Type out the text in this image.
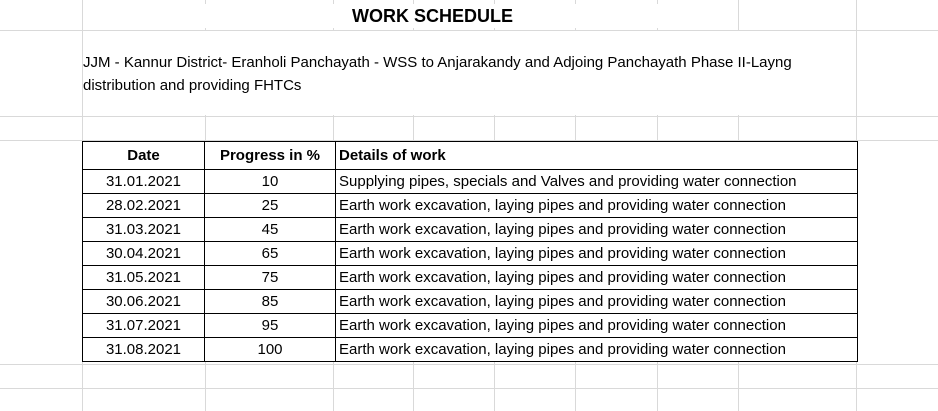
WORK SCHEDULE
JJM - Kannur District- Eranholi Panchayath - WSS to Anjarakandy and Adjoing Panchayath Phase II-Layng distribution and providing FHTCs
Date	Progress in %	Details of work
31.01.2021	10	Supplying pipes, specials and Valves and providing water connection
28.02.2021	25	Earth work excavation, laying pipes and providing water connection
31.03.2021	45	Earth work excavation, laying pipes and providing water connection
30.04.2021	65	Earth work excavation, laying pipes and providing water connection
31.05.2021	75	Earth work excavation, laying pipes and providing water connection
30.06.2021	85	Earth work excavation, laying pipes and providing water connection
31.07.2021	95	Earth work excavation, laying pipes and providing water connection
31.08.2021	100	Earth work excavation, laying pipes and providing water connection
